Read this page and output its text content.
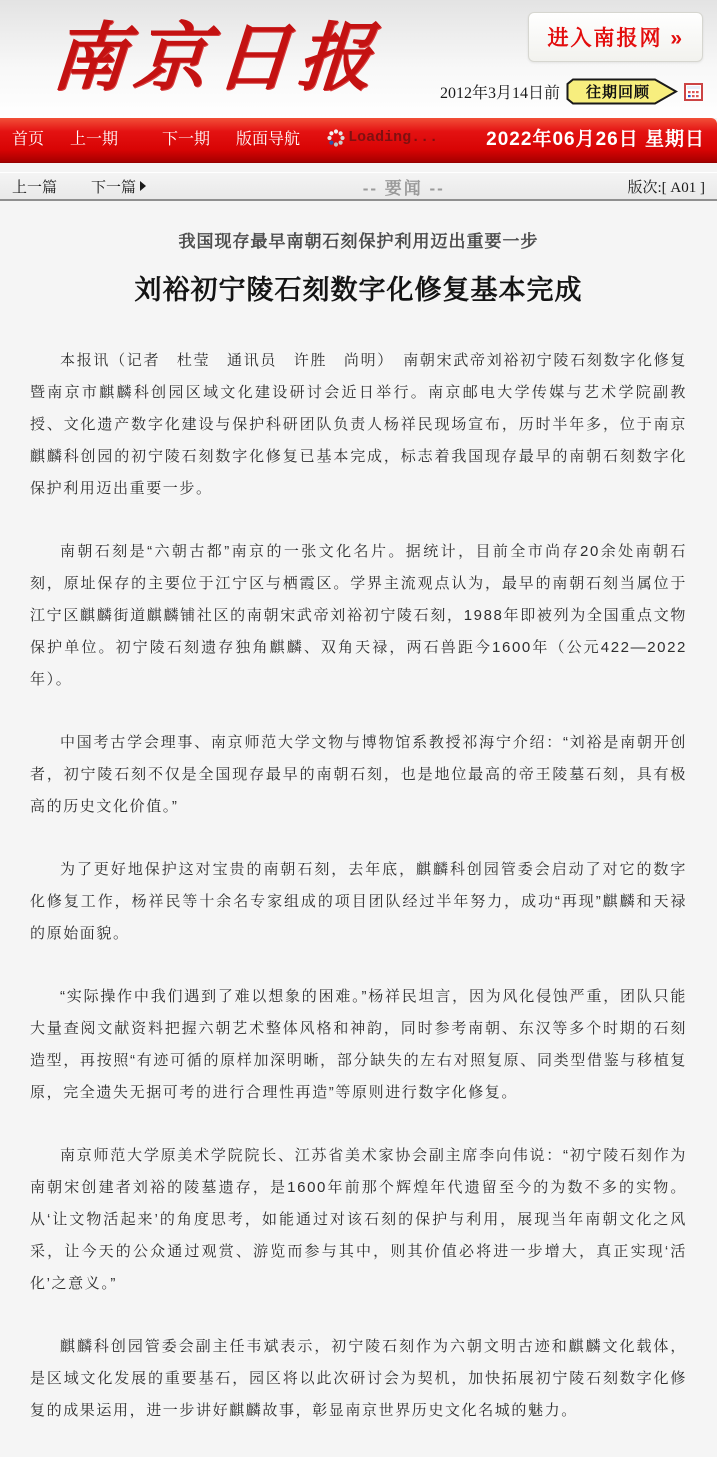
南京日报	进入南报网 »
2012年3月14日前	往期回顾
首页 上一期	下一期 版面导航	Loading...	2022年06月26日 星期日
上一篇 下一篇	-- 要闻 --	版次:[ A01 ]
我国现存最早南朝石刻保护利用迈出重要一步
刘裕初宁陵石刻数字化修复基本完成

本报讯（记者　杜莹　通讯员　许胜　尚明）　南朝宋武帝刘裕初宁陵石刻数字化修复暨南京市麒麟科创园区域文化建设研讨会近日举行。南京邮电大学传媒与艺术学院副教授、文化遗产数字化建设与保护科研团队负责人杨祥民现场宣布，历时半年多，位于南京麒麟科创园的初宁陵石刻数字化修复已基本完成，标志着我国现存最早的南朝石刻数字化保护利用迈出重要一步。

南朝石刻是“六朝古都”南京的一张文化名片。据统计，目前全市尚存20余处南朝石刻，原址保存的主要位于江宁区与栖霞区。学界主流观点认为，最早的南朝石刻当属位于江宁区麒麟街道麒麟铺社区的南朝宋武帝刘裕初宁陵石刻，1988年即被列为全国重点文物保护单位。初宁陵石刻遗存独角麒麟、双角天禄，两石兽距今1600年（公元422—2022年）。

中国考古学会理事、南京师范大学文物与博物馆系教授祁海宁介绍：“刘裕是南朝开创者，初宁陵石刻不仅是全国现存最早的南朝石刻，也是地位最高的帝王陵墓石刻，具有极高的历史文化价值。”

为了更好地保护这对宝贵的南朝石刻，去年底，麒麟科创园管委会启动了对它的数字化修复工作，杨祥民等十余名专家组成的项目团队经过半年努力，成功“再现”麒麟和天禄的原始面貌。

“实际操作中我们遇到了难以想象的困难。”杨祥民坦言，因为风化侵蚀严重，团队只能大量查阅文献资料把握六朝艺术整体风格和神韵，同时参考南朝、东汉等多个时期的石刻造型，再按照“有迹可循的原样加深明晰，部分缺失的左右对照复原、同类型借鉴与移植复原，完全遗失无据可考的进行合理性再造”等原则进行数字化修复。

南京师范大学原美术学院院长、江苏省美术家协会副主席李向伟说：“初宁陵石刻作为南朝宋创建者刘裕的陵墓遗存，是1600年前那个辉煌年代遗留至今的为数不多的实物。从‘让文物活起来’的角度思考，如能通过对该石刻的保护与利用，展现当年南朝文化之风采，让今天的公众通过观赏、游览而参与其中，则其价值必将进一步增大，真正实现‘活化’之意义。”

麒麟科创园管委会副主任韦斌表示，初宁陵石刻作为六朝文明古迹和麒麟文化载体，是区域文化发展的重要基石，园区将以此次研讨会为契机，加快拓展初宁陵石刻数字化修复的成果运用，进一步讲好麒麟故事，彰显南京世界历史文化名城的魅力。
